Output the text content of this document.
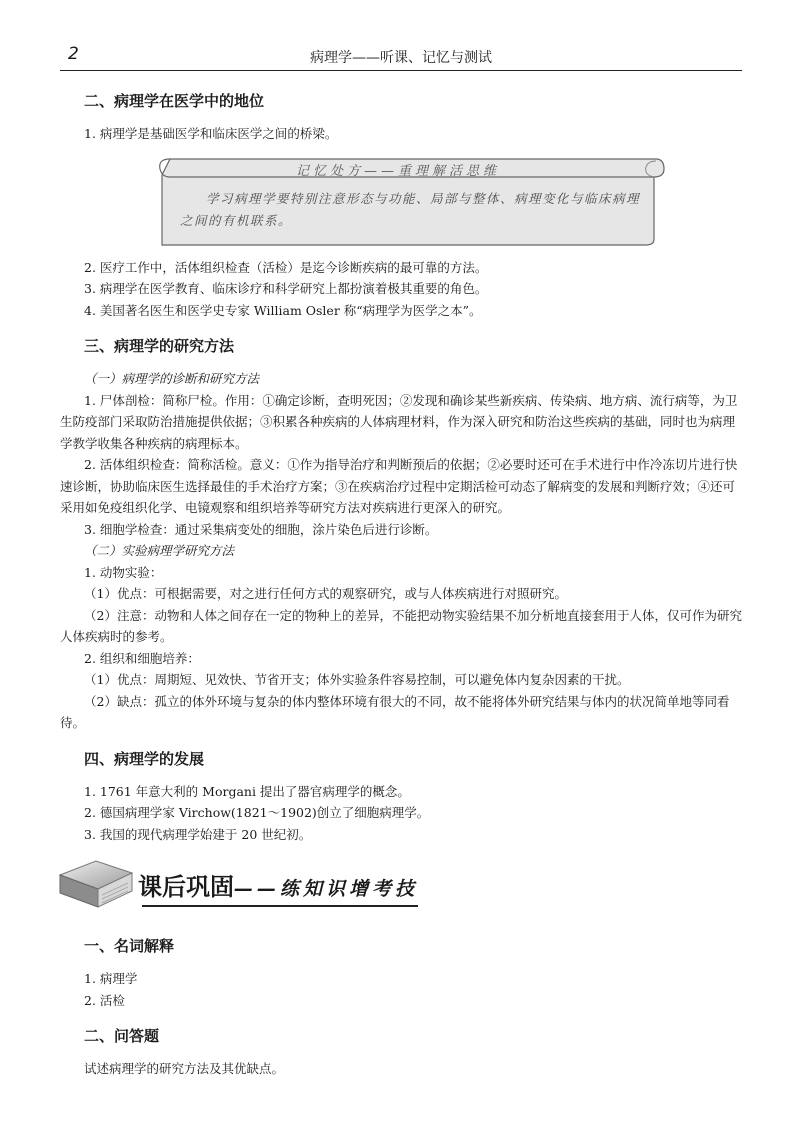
2	病理学——听课、记忆与测试
二、病理学在医学中的地位
1. 病理学是基础医学和临床医学之间的桥梁。
记忆处方——重理解活思维
学习病理学要特别注意形态与功能、局部与整体、病理变化与临床病理之间的有机联系。
2. 医疗工作中，活体组织检查（活检）是迄今诊断疾病的最可靠的方法。
3. 病理学在医学教育、临床诊疗和科学研究上都扮演着极其重要的角色。
4. 美国著名医生和医学史专家 William Osler 称“病理学为医学之本”。
三、病理学的研究方法
（一）病理学的诊断和研究方法
1. 尸体剖检：简称尸检。作用：①确定诊断，查明死因；②发现和确诊某些新疾病、传染病、地方病、流行病等，为卫生防疫部门采取防治措施提供依据；③积累各种疾病的人体病理材料，作为深入研究和防治这些疾病的基础，同时也为病理学教学收集各种疾病的病理标本。
2. 活体组织检查：简称活检。意义：①作为指导治疗和判断预后的依据；②必要时还可在手术进行中作冷冻切片进行快速诊断，协助临床医生选择最佳的手术治疗方案；③在疾病治疗过程中定期活检可动态了解病变的发展和判断疗效；④还可采用如免疫组织化学、电镜观察和组织培养等研究方法对疾病进行更深入的研究。
3. 细胞学检查：通过采集病变处的细胞，涂片染色后进行诊断。
（二）实验病理学研究方法
1. 动物实验：
（1）优点：可根据需要，对之进行任何方式的观察研究，或与人体疾病进行对照研究。
（2）注意：动物和人体之间存在一定的物种上的差异，不能把动物实验结果不加分析地直接套用于人体，仅可作为研究人体疾病时的参考。
2. 组织和细胞培养：
（1）优点：周期短、见效快、节省开支；体外实验条件容易控制，可以避免体内复杂因素的干扰。
（2）缺点：孤立的体外环境与复杂的体内整体环境有很大的不同，故不能将体外研究结果与体内的状况简单地等同看待。
四、病理学的发展
1. 1761 年意大利的 Morgani 提出了器官病理学的概念。
2. 德国病理学家 Virchow(1821～1902)创立了细胞病理学。
3. 我国的现代病理学始建于 20 世纪初。
课后巩固——练知识增考技
一、名词解释
1. 病理学
2. 活检
二、问答题
试述病理学的研究方法及其优缺点。
